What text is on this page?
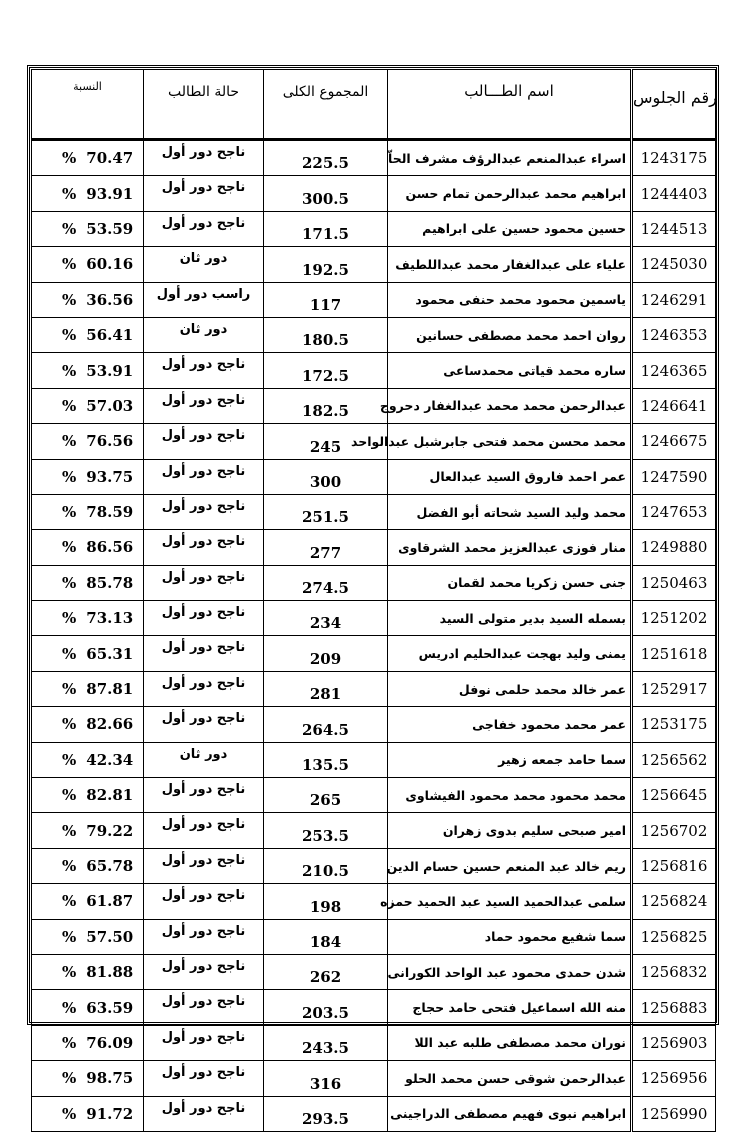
النسبة	حالة الطالب	المجموع الكلى	اسم الطـــالب	رقم الجلوس
% 70.47	ناجح دور أول	225.5	اسراء عبدالمنعم عبدالرؤف مشرف الحاّ	1243175
% 93.91	ناجح دور أول	300.5	ابراهيم محمد عبدالرحمن تمام حسن	1244403
% 53.59	ناجح دور أول	171.5	حسين محمود حسين على ابراهيم	1244513
% 60.16	دور ثان	192.5	علياء على عبدالغفار محمد عبداللطيف	1245030
% 36.56	راسب دور أول	117	ياسمين محمود محمد حنفى محمود	1246291
% 56.41	دور ثان	180.5	روان احمد محمد مصطفى حسانين	1246353
% 53.91	ناجح دور أول	172.5	ساره محمد قياتى محمدساعى	1246365
% 57.03	ناجح دور أول	182.5	عبدالرحمن محمد محمد عبدالغفار دحروج	1246641
% 76.56	ناجح دور أول	245	محمد محسن محمد فتحى جابرشبل عبدالواحد	1246675
% 93.75	ناجح دور أول	300	عمر احمد فاروق السيد عبدالعال	1247590
% 78.59	ناجح دور أول	251.5	محمد وليد السيد شحاته أبو الفضل	1247653
% 86.56	ناجح دور أول	277	منار فوزى عبدالعزيز محمد الشرقاوى	1249880
% 85.78	ناجح دور أول	274.5	جنى حسن زكريا محمد لقمان	1250463
% 73.13	ناجح دور أول	234	بسمله السيد بدير متولى السيد	1251202
% 65.31	ناجح دور أول	209	يمنى وليد بهجت عبدالحليم ادريس	1251618
% 87.81	ناجح دور أول	281	عمر خالد محمد حلمى نوفل	1252917
% 82.66	ناجح دور أول	264.5	عمر محمد محمود خفاجى	1253175
% 42.34	دور ثان	135.5	سما حامد جمعه زهير	1256562
% 82.81	ناجح دور أول	265	محمد محمود محمد محمود الفيشاوى	1256645
% 79.22	ناجح دور أول	253.5	امير صبحى سليم بدوى زهران	1256702
% 65.78	ناجح دور أول	210.5	ريم خالد عبد المنعم حسين حسام الدين	1256816
% 61.87	ناجح دور أول	198	سلمى عبدالحميد السيد عبد الحميد حمزه	1256824
% 57.50	ناجح دور أول	184	سما شفيع محمود حماد	1256825
% 81.88	ناجح دور أول	262	شدن حمدى محمود عبد الواحد الكورانى	1256832
% 63.59	ناجح دور أول	203.5	منه الله اسماعيل فتحى حامد حجاج	1256883
% 76.09	ناجح دور أول	243.5	نوران محمد مصطفى طلبه عبد اللا	1256903
% 98.75	ناجح دور أول	316	عبدالرحمن شوقى حسن محمد الحلو	1256956
% 91.72	ناجح دور أول	293.5	ابراهيم نبوى فهيم مصطفى الدراجينى	1256990
